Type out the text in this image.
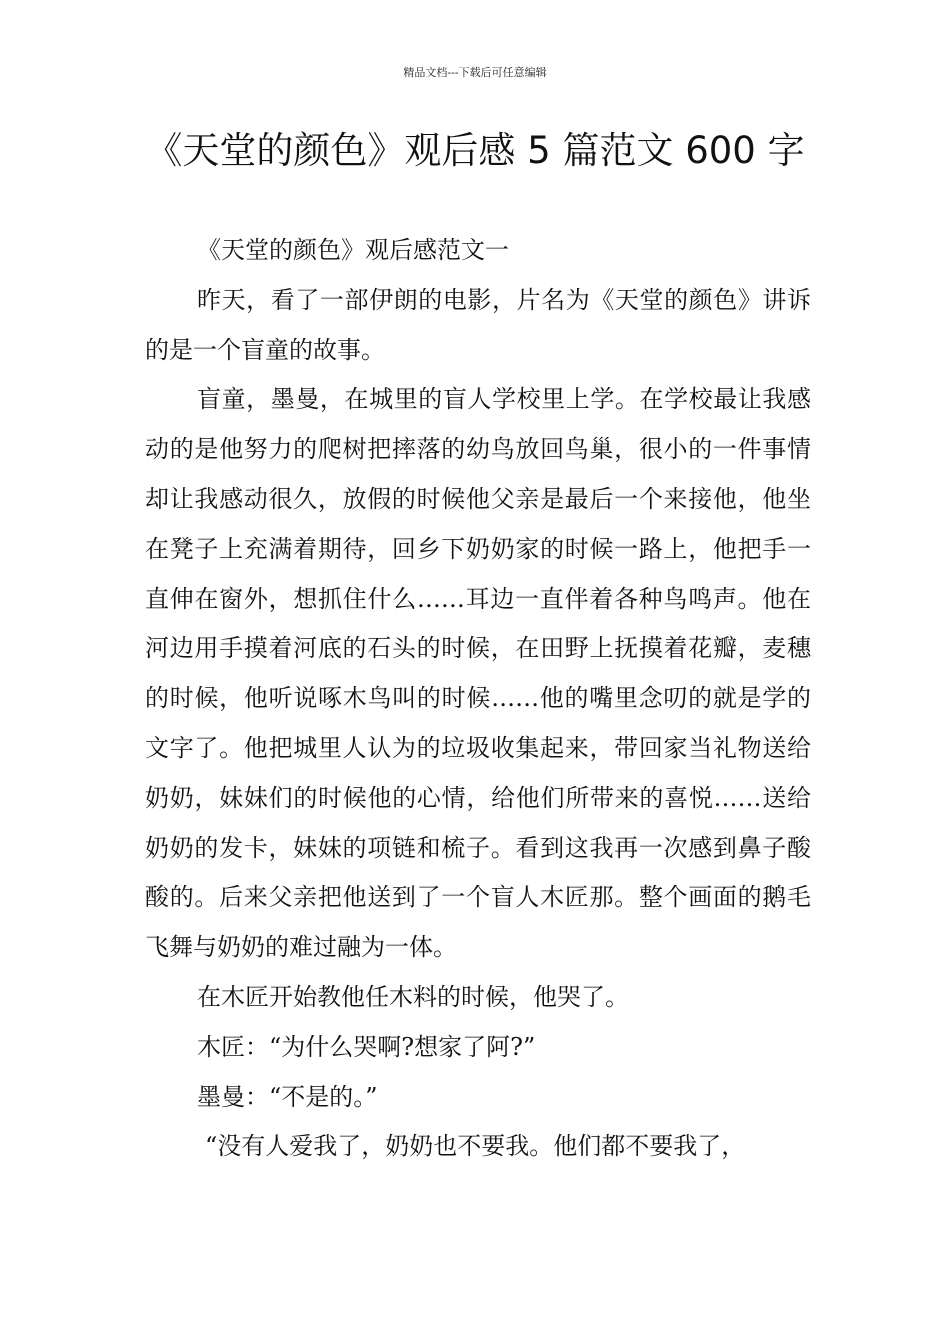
精品文档---下载后可任意编辑
《天堂的颜色》观后感 5 篇范文 600 字

《天堂的颜色》观后感范文一

昨天，看了一部伊朗的电影，片名为《天堂的颜色》讲诉的是一个盲童的故事。

盲童，墨曼，在城里的盲人学校里上学。在学校最让我感动的是他努力的爬树把摔落的幼鸟放回鸟巢，很小的一件事情却让我感动很久，放假的时候他父亲是最后一个来接他，他坐在凳子上充满着期待，回乡下奶奶家的时候一路上，他把手一直伸在窗外，想抓住什么……耳边一直伴着各种鸟鸣声。他在河边用手摸着河底的石头的时候，在田野上抚摸着花瓣，麦穗的时候，他听说啄木鸟叫的时候……他的嘴里念叨的就是学的文字了。他把城里人认为的垃圾收集起来，带回家当礼物送给奶奶，妹妹们的时候他的心情，给他们所带来的喜悦……送给奶奶的发卡，妹妹的项链和梳子。看到这我再一次感到鼻子酸酸的。后来父亲把他送到了一个盲人木匠那。整个画面的鹅毛飞舞与奶奶的难过融为一体。

在木匠开始教他任木料的时候，他哭了。

木匠：“为什么哭啊?想家了阿?”

墨曼：“不是的。”

“没有人爱我了，奶奶也不要我。他们都不要我了，
